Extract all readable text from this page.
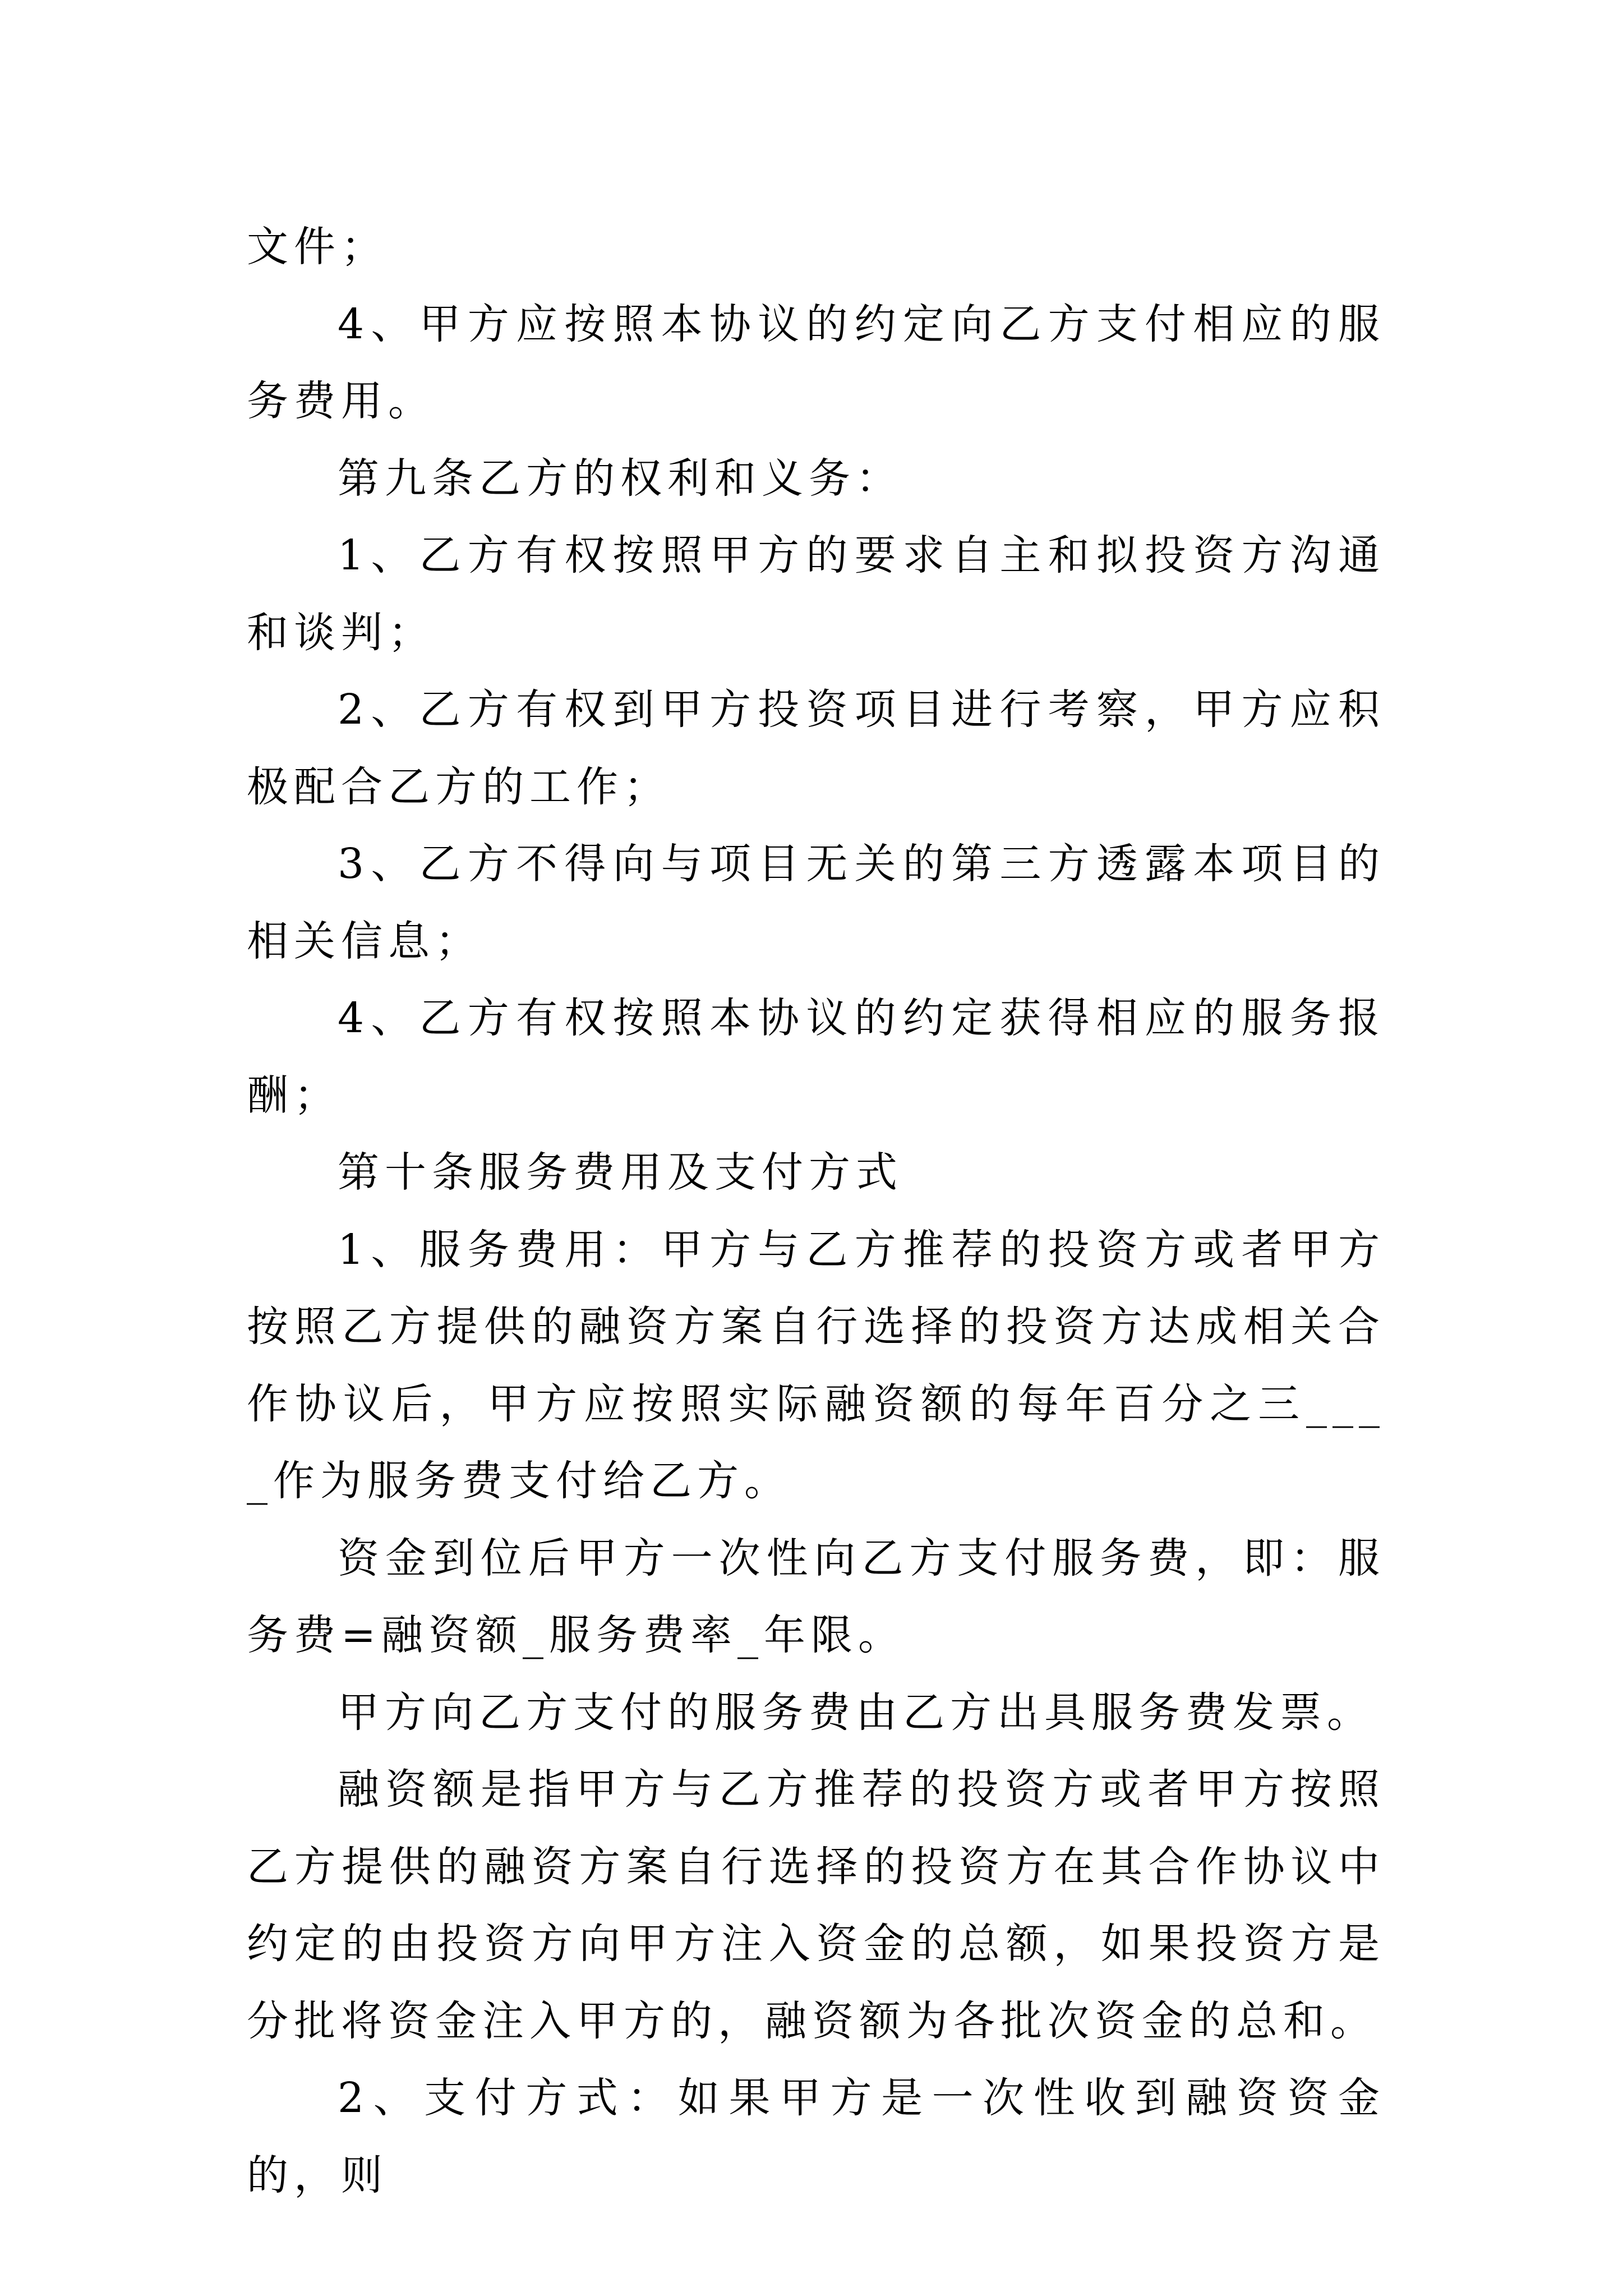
文件；

4、甲方应按照本协议的约定向乙方支付相应的服务费用。

第九条乙方的权利和义务：

1、乙方有权按照甲方的要求自主和拟投资方沟通和谈判；

2、乙方有权到甲方投资项目进行考察，甲方应积极配合乙方的工作；

3、乙方不得向与项目无关的第三方透露本项目的相关信息；

4、乙方有权按照本协议的约定获得相应的服务报酬；

第十条服务费用及支付方式

1、服务费用：甲方与乙方推荐的投资方或者甲方按照乙方提供的融资方案自行选择的投资方达成相关合作协议后，甲方应按照实际融资额的每年百分之三____作为服务费支付给乙方。

资金到位后甲方一次性向乙方支付服务费，即：服务费=融资额_服务费率_年限。

甲方向乙方支付的服务费由乙方出具服务费发票。

融资额是指甲方与乙方推荐的投资方或者甲方按照乙方提供的融资方案自行选择的投资方在其合作协议中约定的由投资方向甲方注入资金的总额，如果投资方是分批将资金注入甲方的，融资额为各批次资金的总和。

2、支付方式：如果甲方是一次性收到融资资金的，则
